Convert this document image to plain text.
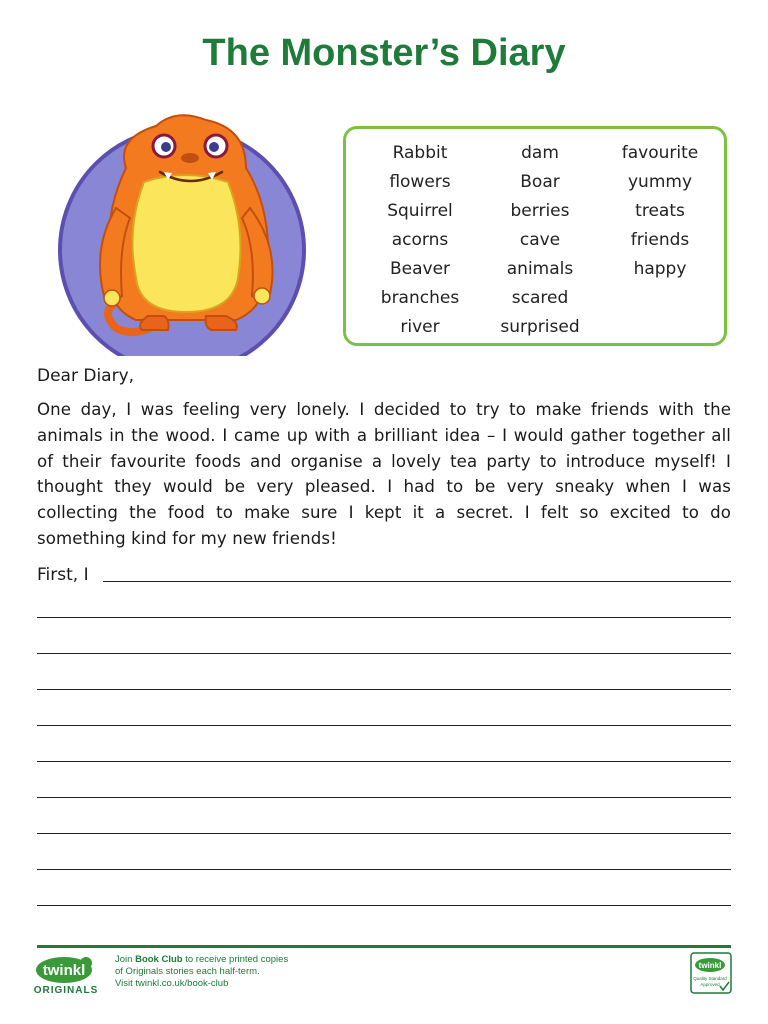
The Monster’s Diary
Rabbit
flowers
Squirrel
acorns
Beaver
branches
river
dam
Boar
berries
cave
animals
scared
surprised
favourite
yummy
treats
friends
happy

Dear Diary,

One day, I was feeling very lonely. I decided to try to make friends with the animals in the wood. I came up with a brilliant idea – I would gather together all of their favourite foods and organise a lovely tea party to introduce myself! I thought they would be very pleased. I had to be very sneaky when I was collecting the food to make sure I kept it a secret. I felt so excited to do something kind for my new friends!

First, I
twinkl
ORIGINALS
Join Book Club to receive printed copies
of Originals stories each half-term.
Visit twinkl.co.uk/book-club
twinkl
Quality Standard
Approved
